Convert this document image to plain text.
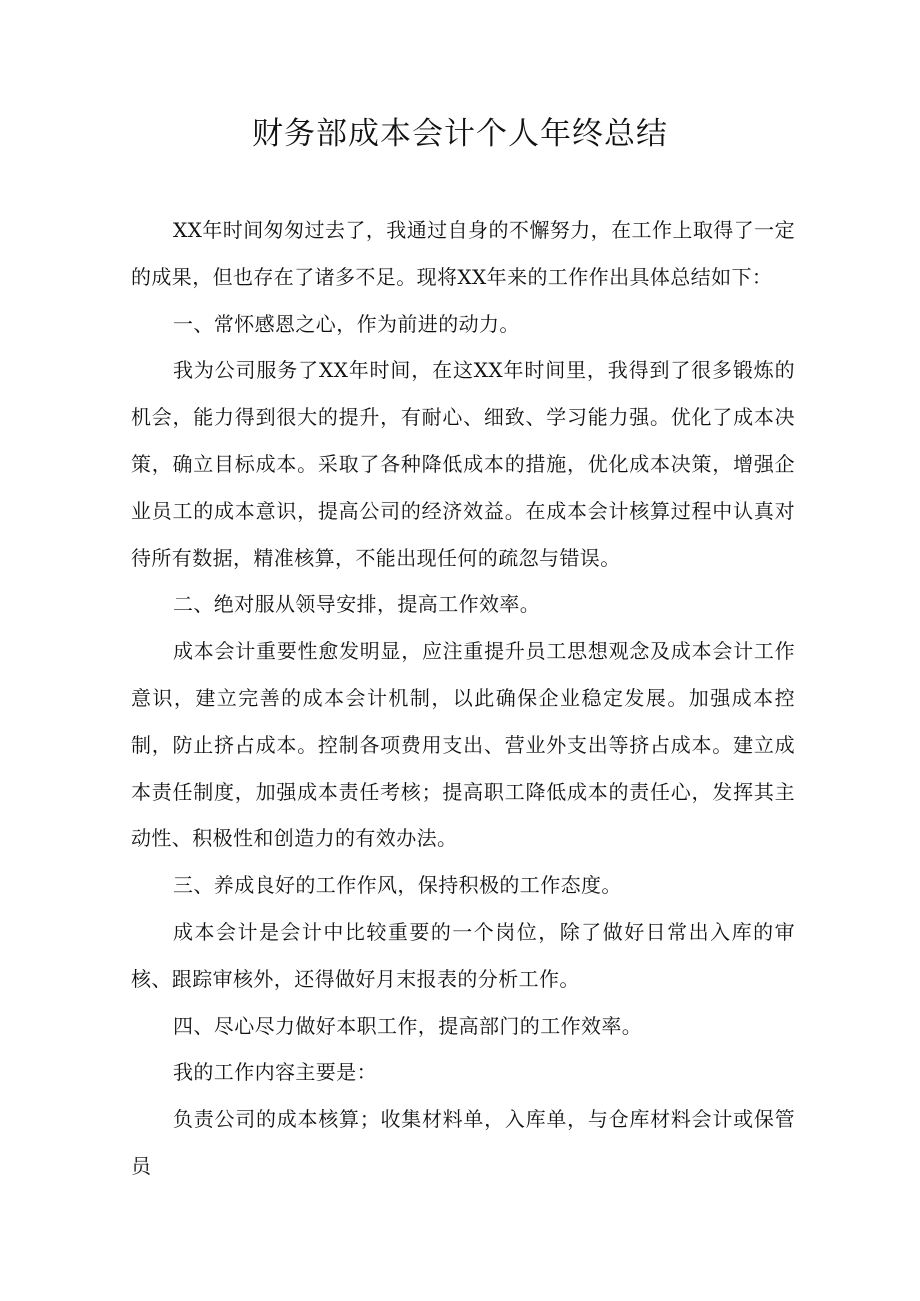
财务部成本会计个人年终总结

XX年时间匆匆过去了，我通过自身的不懈努力，在工作上取得了一定的成果，但也存在了诸多不足。现将XX年来的工作作出具体总结如下：

一、常怀感恩之心，作为前进的动力。

我为公司服务了XX年时间，在这XX年时间里，我得到了很多锻炼的机会，能力得到很大的提升，有耐心、细致、学习能力强。优化了成本决策，确立目标成本。采取了各种降低成本的措施，优化成本决策，增强企业员工的成本意识，提高公司的经济效益。在成本会计核算过程中认真对待所有数据，精准核算，不能出现任何的疏忽与错误。

二、绝对服从领导安排，提高工作效率。

成本会计重要性愈发明显，应注重提升员工思想观念及成本会计工作意识，建立完善的成本会计机制，以此确保企业稳定发展。加强成本控制，防止挤占成本。控制各项费用支出、营业外支出等挤占成本。建立成本责任制度，加强成本责任考核；提高职工降低成本的责任心，发挥其主动性、积极性和创造力的有效办法。

三、养成良好的工作作风，保持积极的工作态度。

成本会计是会计中比较重要的一个岗位，除了做好日常出入库的审核、跟踪审核外，还得做好月末报表的分析工作。

四、尽心尽力做好本职工作，提高部门的工作效率。

我的工作内容主要是：

负责公司的成本核算；收集材料单，入库单，与仓库材料会计或保管员
